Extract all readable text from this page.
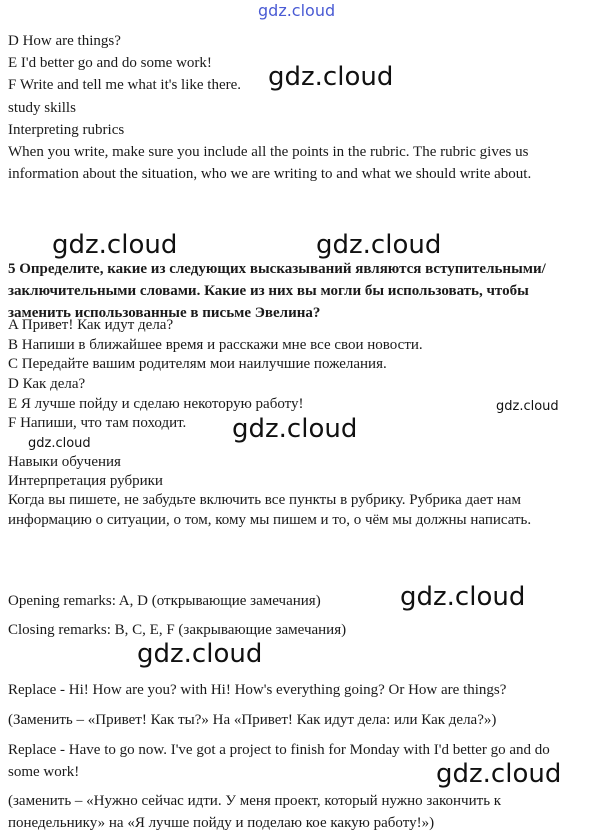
gdz.cloud
gdz.cloud
gdz.cloud	gdz.cloud
gdz.cloud
gdz.cloud
gdz.cloud
gdz.cloud
gdz.cloud
gdz.cloud
D How are things?
E I'd better go and do some work!
F Write and tell me what it's like there.
study skills
Interpreting rubrics
When you write, make sure you include all the points in the rubric. The rubric gives us information about the situation, who we are writing to and what we should write about.
5 Определите, какие из следующих высказываний являются вступительными/заключительными словами. Какие из них вы могли бы использовать, чтобы заменить использованные в письме Эвелина?
A Привет! Как идут дела?
B Напиши в ближайшее время и расскажи мне все свои новости.
C Передайте вашим родителям мои наилучшие пожелания.
D Как дела?
E Я лучше пойду и сделаю некоторую работу!
F Напиши, что там походит.
Навыки обучения
Интерпретация рубрики
Когда вы пишете, не забудьте включить все пункты в рубрику. Рубрика дает нам информацию о ситуации, о том, кому мы пишем и то, о чём мы должны написать.
Opening remarks: A, D (открывающие замечания)
Closing remarks: B, C, E, F (закрывающие замечания)
Replace - Hi! How are you? with Hi! How's everything going? Or How are things?
(Заменить – «Привет! Как ты?» На «Привет! Как идут дела: или Как дела?»)
Replace - Have to go now. I've got a project to finish for Monday with I'd better go and do some work!
(заменить – «Нужно сейчас идти. У меня проект, который нужно закончить к понедельнику» на «Я лучше пойду и поделаю кое какую работу!»)
